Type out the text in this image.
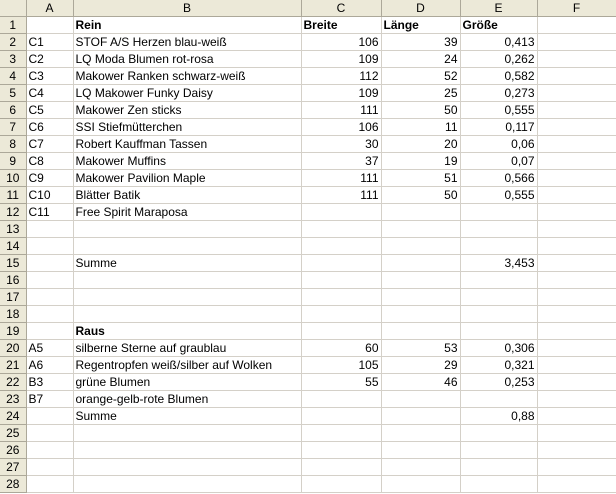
	A	B	C	D	E	F
1		Rein	Breite	Länge	Größe	
2	C1	STOF A/S Herzen blau-weiß	106	39	0,413	
3	C2	LQ Moda Blumen rot-rosa	109	24	0,262	
4	C3	Makower Ranken schwarz-weiß	112	52	0,582	
5	C4	LQ Makower Funky Daisy	109	25	0,273	
6	C5	Makower Zen sticks	111	50	0,555	
7	C6	SSI Stiefmütterchen	106	11	0,117	
8	C7	Robert Kauffman Tassen	30	20	0,06	
9	C8	Makower Muffins	37	19	0,07	
10	C9	Makower Pavilion Maple	111	51	0,566	
11	C10	Blätter Batik	111	50	0,555	
12	C11	Free Spirit Maraposa				
13						
14						
15		Summe			3,453	
16						
17						
18						
19		Raus				
20	A5	silberne Sterne auf graublau	60	53	0,306	
21	A6	Regentropfen weiß/silber auf Wolken	105	29	0,321	
22	B3	grüne Blumen	55	46	0,253	
23	B7	orange-gelb-rote Blumen				
24		Summe			0,88	
25						
26						
27						
28						
